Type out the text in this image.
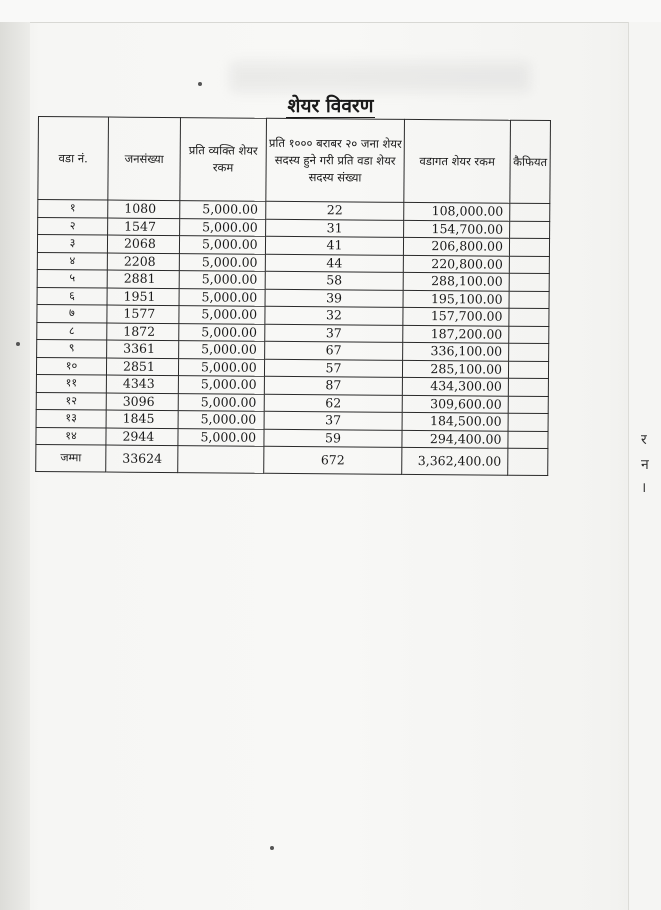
शेयर विवरण
वडा नं.	जनसंख्या	प्रति व्यक्ति शेयर रकम	प्रति १००० बराबर २० जना शेयर सदस्य हुने गरी प्रति वडा शेयर सदस्य संख्या	वडागत शेयर रकम	कैफियत
१	1080	5,000.00	22	108,000.00	
२	1547	5,000.00	31	154,700.00	
३	2068	5,000.00	41	206,800.00	
४	2208	5,000.00	44	220,800.00	
५	2881	5,000.00	58	288,100.00	
६	1951	5,000.00	39	195,100.00	
७	1577	5,000.00	32	157,700.00	
८	1872	5,000.00	37	187,200.00	
९	3361	5,000.00	67	336,100.00	
१०	2851	5,000.00	57	285,100.00	
११	4343	5,000.00	87	434,300.00	
१२	3096	5,000.00	62	309,600.00	
१३	1845	5,000.00	37	184,500.00	
१४	2944	5,000.00	59	294,400.00	
जम्मा	33624		672	3,362,400.00	
र
न
।
